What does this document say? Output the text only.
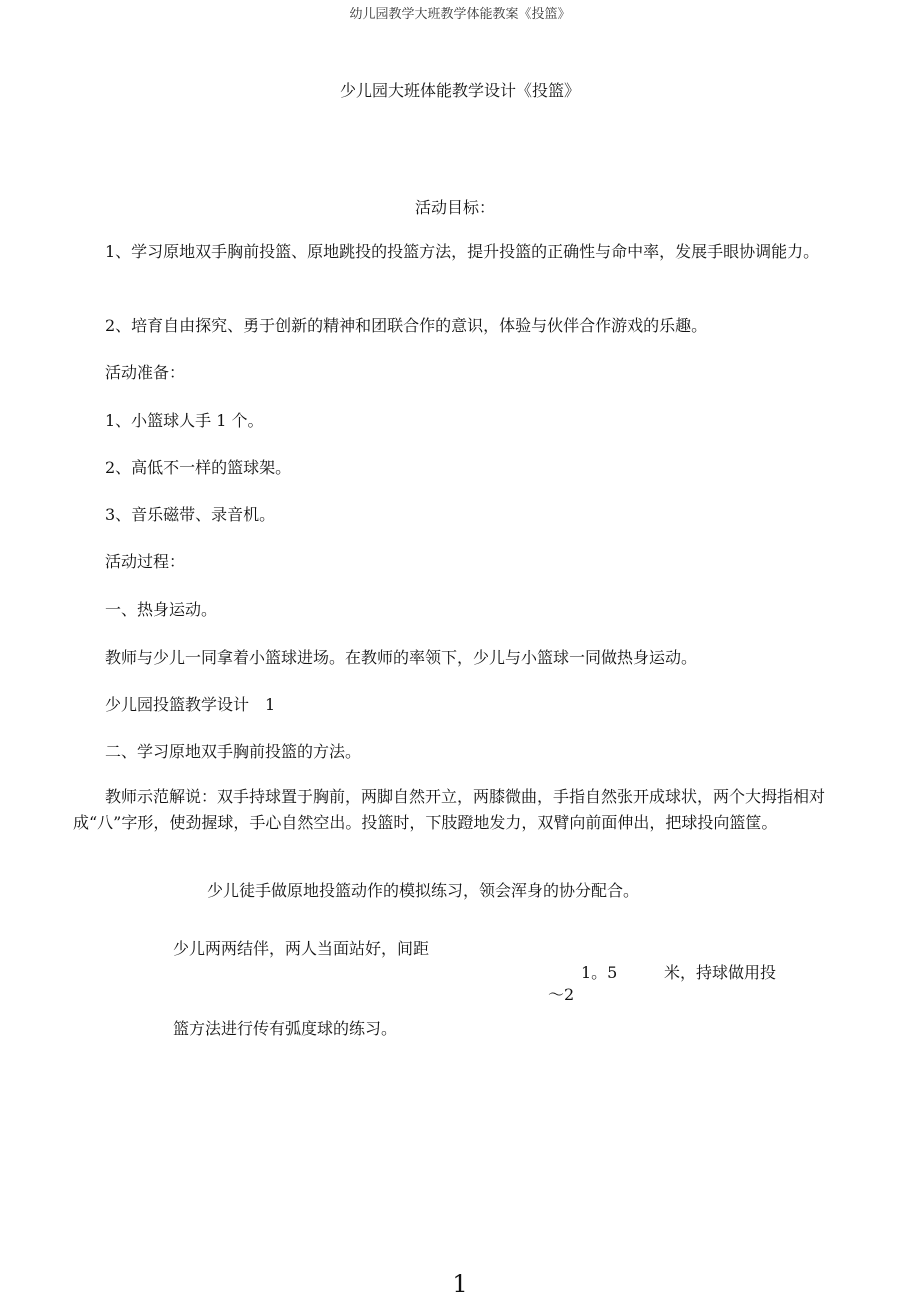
幼儿园教学大班教学体能教案《投篮》
少儿园大班体能教学设计《投篮》
活动目标：
1、学习原地双手胸前投篮、原地跳投的投篮方法，提升投篮的正确性与命中率，发展手眼协调能力。
2、培育自由探究、勇于创新的精神和团联合作的意识，体验与伙伴合作游戏的乐趣。
活动准备：
1、小篮球人手 1 个。
2、高低不一样的篮球架。
3、音乐磁带、录音机。
活动过程：
一、热身运动。
教师与少儿一同拿着小篮球进场。在教师的率领下，少儿与小篮球一同做热身运动。
少儿园投篮教学设计　1
二、学习原地双手胸前投篮的方法。
教师示范解说：双手持球置于胸前，两脚自然开立，两膝微曲，手指自然张开成球状，两个大拇指相对成“八”字形，使劲握球，手心自然空出。投篮时，下肢蹬地发力，双臂向前面伸出，把球投向篮筐。
少儿徒手做原地投篮动作的模拟练习，领会浑身的协分配合。
少儿两两结伴，两人当面站好，间距
1。5
～2
米，持球做用投
篮方法进行传有弧度球的练习。
1
